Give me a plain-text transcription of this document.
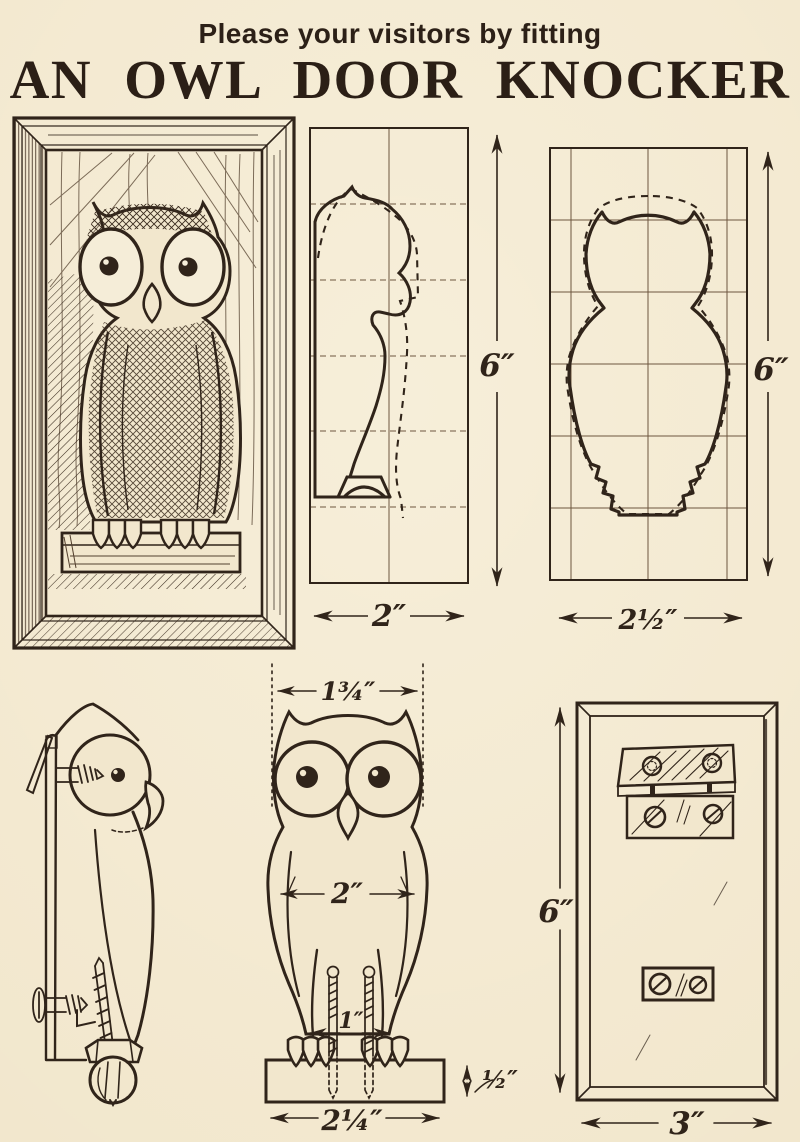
Please your visitors by fitting
AN OWL DOOR KNOCKER
6″
2″
6″
2½″
1¾″
2″
1″
2¼″
½″
6″
3″
